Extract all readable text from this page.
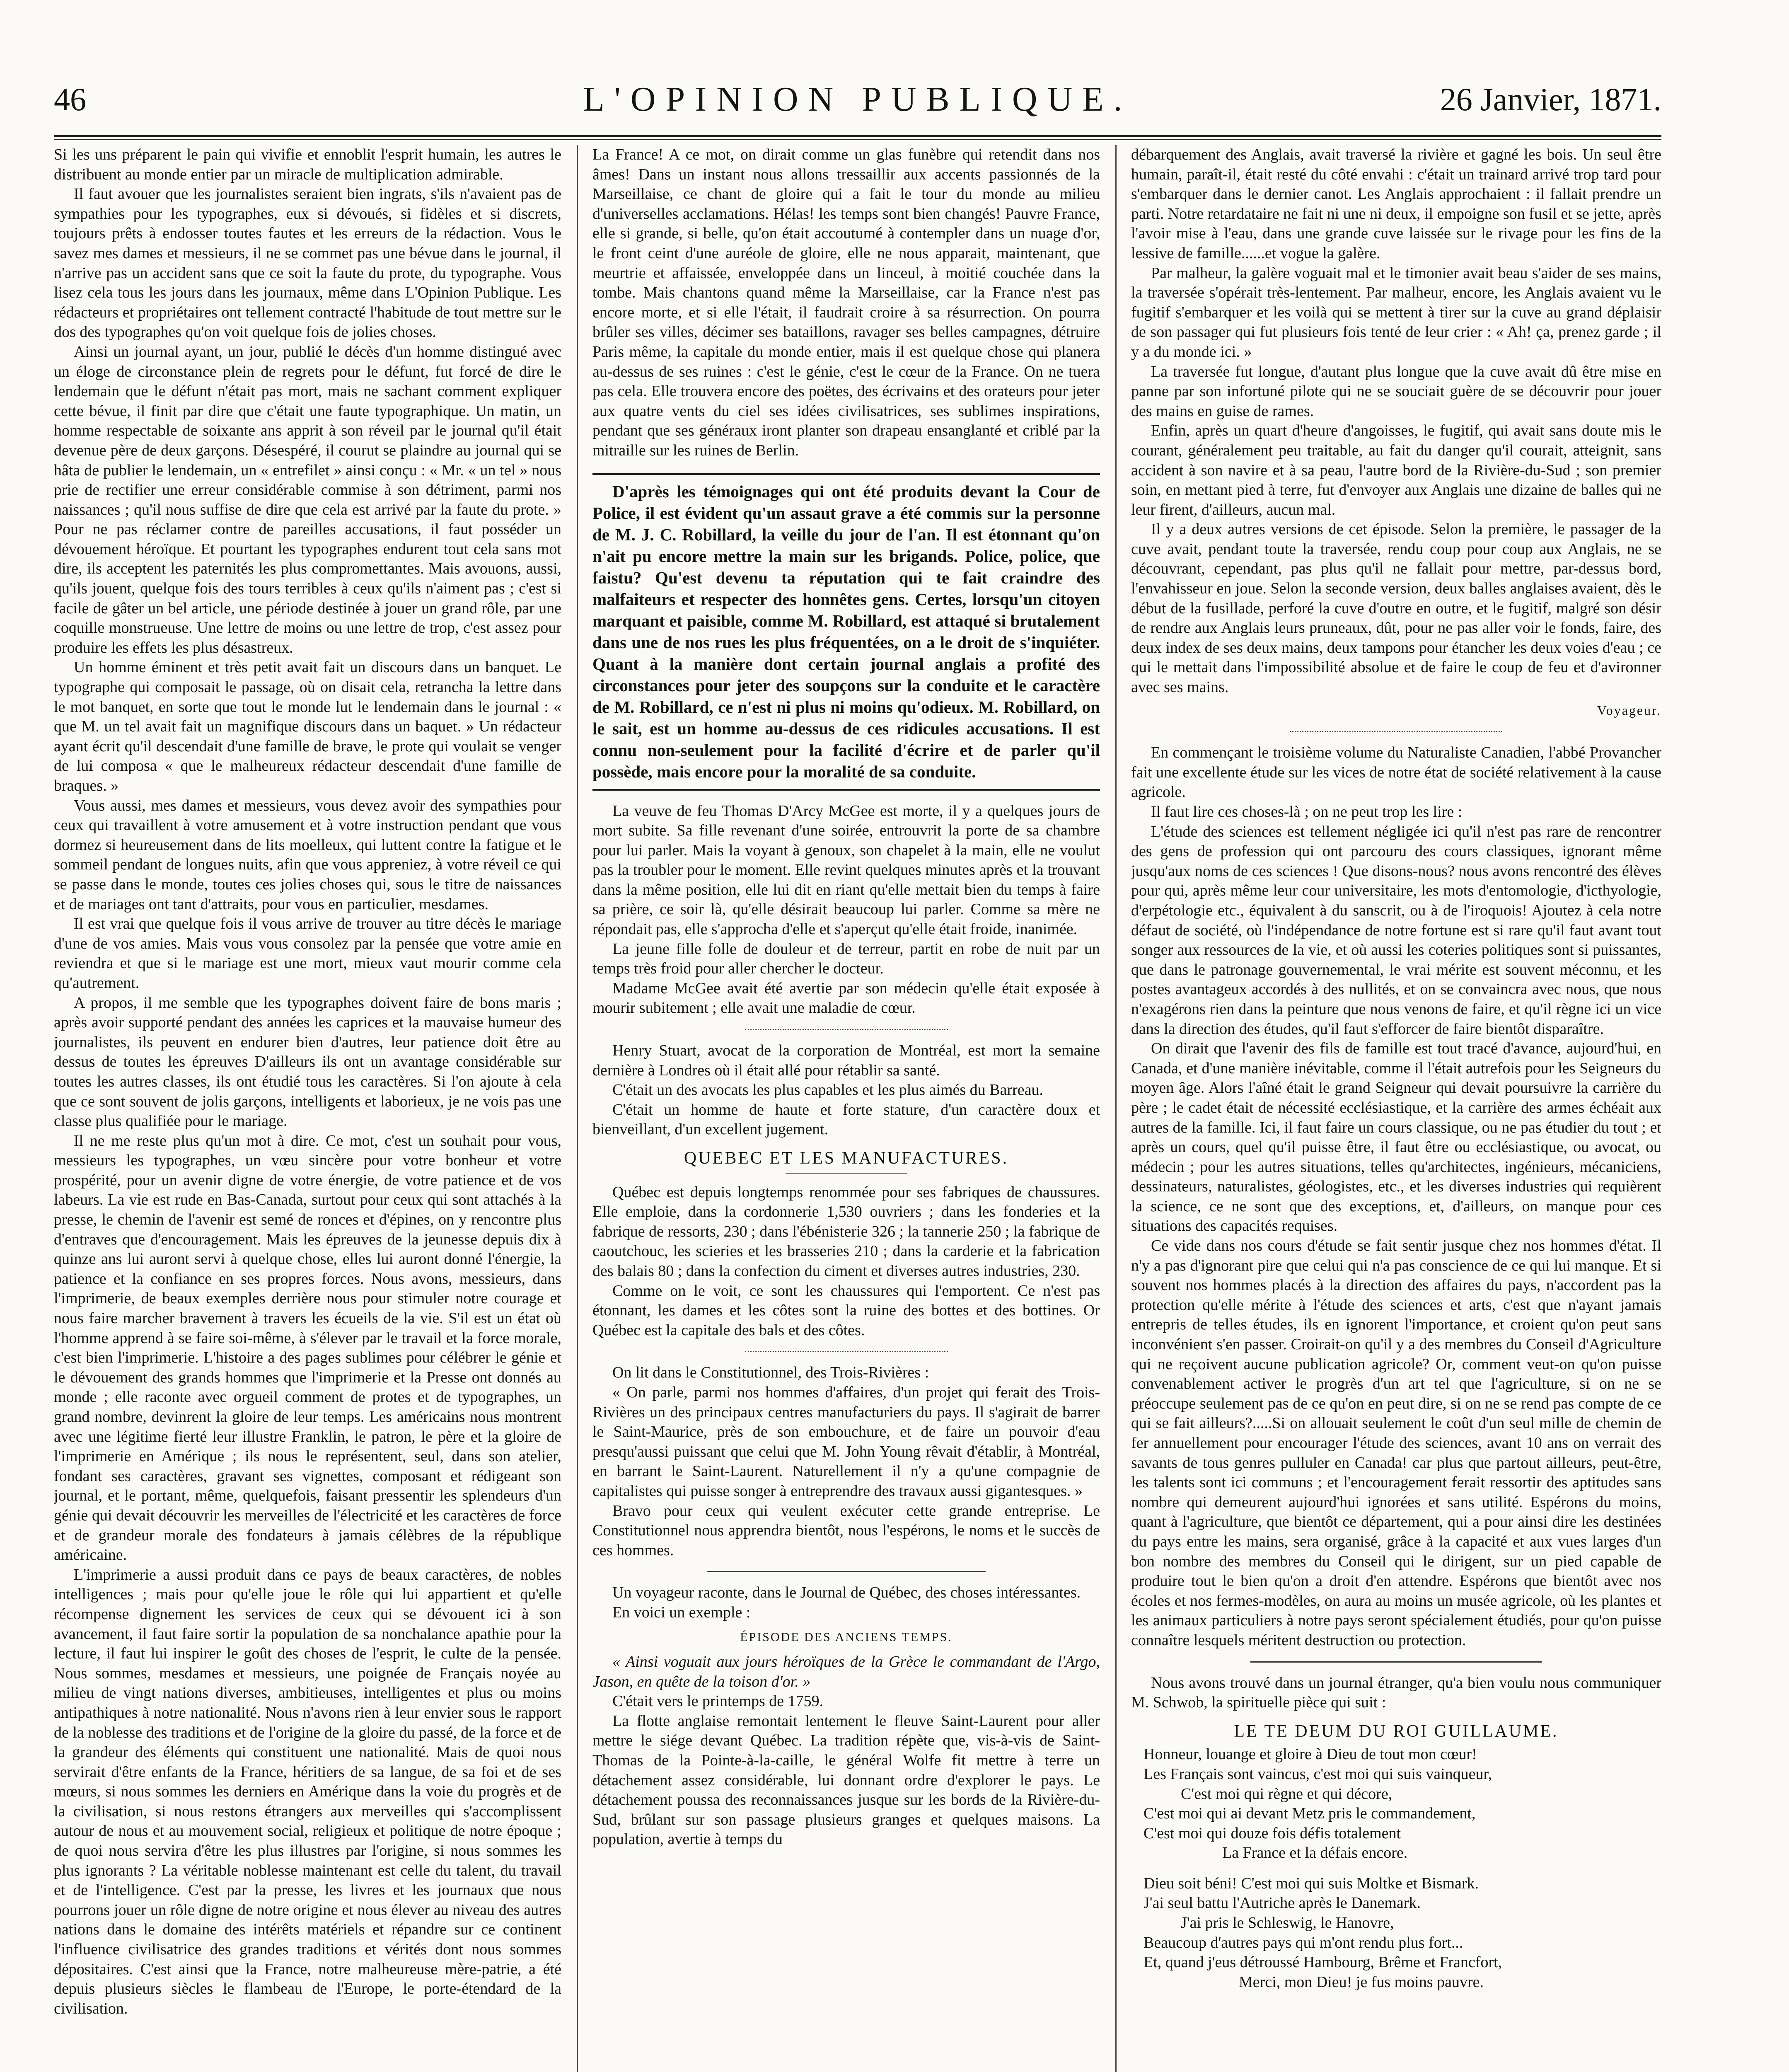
46	L'OPINION PUBLIQUE.	26 Janvier, 1871.

Si les uns préparent le pain qui vivifie et ennoblit l'esprit humain, les autres le distribuent au monde entier par un miracle de multiplication admirable.

Il faut avouer que les journalistes seraient bien ingrats, s'ils n'avaient pas de sympathies pour les typographes, eux si dévoués, si fidèles et si discrets, toujours prêts à endosser toutes fautes et les erreurs de la rédaction. Vous le savez mes dames et messieurs, il ne se commet pas une bévue dans le journal, il n'arrive pas un accident sans que ce soit la faute du prote, du typographe. Vous lisez cela tous les jours dans les journaux, même dans L'Opinion Publique. Les rédacteurs et propriétaires ont tellement contracté l'habitude de tout mettre sur le dos des typographes qu'on voit quelque fois de jolies choses.

Ainsi un journal ayant, un jour, publié le décès d'un homme distingué avec un éloge de circonstance plein de regrets pour le défunt, fut forcé de dire le lendemain que le défunt n'était pas mort, mais ne sachant comment expliquer cette bévue, il finit par dire que c'était une faute typographique. Un matin, un homme respectable de soixante ans apprit à son réveil par le journal qu'il était devenue père de deux garçons. Désespéré, il courut se plaindre au journal qui se hâta de publier le lendemain, un « entrefilet » ainsi conçu : « Mr. « un tel » nous prie de rectifier une erreur considérable commise à son détriment, parmi nos naissances ; qu'il nous suffise de dire que cela est arrivé par la faute du prote. » Pour ne pas réclamer contre de pareilles accusations, il faut posséder un dévouement héroïque. Et pourtant les typographes endurent tout cela sans mot dire, ils acceptent les paternités les plus compromettantes. Mais avouons, aussi, qu'ils jouent, quelque fois des tours terribles à ceux qu'ils n'aiment pas ; c'est si facile de gâter un bel article, une période destinée à jouer un grand rôle, par une coquille monstrueuse. Une lettre de moins ou une lettre de trop, c'est assez pour produire les effets les plus désastreux.

Un homme éminent et très petit avait fait un discours dans un banquet. Le typographe qui composait le passage, où on disait cela, retrancha la lettre dans le mot banquet, en sorte que tout le monde lut le lendemain dans le journal : « que M. un tel avait fait un magnifique discours dans un baquet. » Un rédacteur ayant écrit qu'il descendait d'une famille de brave, le prote qui voulait se venger de lui composa « que le malheureux rédacteur descendait d'une famille de braques. »

Vous aussi, mes dames et messieurs, vous devez avoir des sympathies pour ceux qui travaillent à votre amusement et à votre instruction pendant que vous dormez si heureusement dans de lits moelleux, qui luttent contre la fatigue et le sommeil pendant de longues nuits, afin que vous appreniez, à votre réveil ce qui se passe dans le monde, toutes ces jolies choses qui, sous le titre de naissances et de mariages ont tant d'attraits, pour vous en particulier, mesdames.

Il est vrai que quelque fois il vous arrive de trouver au titre décès le mariage d'une de vos amies. Mais vous vous consolez par la pensée que votre amie en reviendra et que si le mariage est une mort, mieux vaut mourir comme cela qu'autrement.

A propos, il me semble que les typographes doivent faire de bons maris ; après avoir supporté pendant des années les caprices et la mauvaise humeur des journalistes, ils peuvent en endurer bien d'autres, leur patience doit être au dessus de toutes les épreuves D'ailleurs ils ont un avantage considérable sur toutes les autres classes, ils ont étudié tous les caractères. Si l'on ajoute à cela que ce sont souvent de jolis garçons, intelligents et laborieux, je ne vois pas une classe plus qualifiée pour le mariage.

Il ne me reste plus qu'un mot à dire. Ce mot, c'est un souhait pour vous, messieurs les typographes, un vœu sincère pour votre bonheur et votre prospérité, pour un avenir digne de votre énergie, de votre patience et de vos labeurs. La vie est rude en Bas-Canada, surtout pour ceux qui sont attachés à la presse, le chemin de l'avenir est semé de ronces et d'épines, on y rencontre plus d'entraves que d'encouragement. Mais les épreuves de la jeunesse depuis dix à quinze ans lui auront servi à quelque chose, elles lui auront donné l'énergie, la patience et la confiance en ses propres forces. Nous avons, messieurs, dans l'imprimerie, de beaux exemples derrière nous pour stimuler notre courage et nous faire marcher bravement à travers les écueils de la vie. S'il est un état où l'homme apprend à se faire soi-même, à s'élever par le travail et la force morale, c'est bien l'imprimerie. L'histoire a des pages sublimes pour célébrer le génie et le dévouement des grands hommes que l'imprimerie et la Presse ont donnés au monde ; elle raconte avec orgueil comment de protes et de typographes, un grand nombre, devinrent la gloire de leur temps. Les américains nous montrent avec une légitime fierté leur illustre Franklin, le patron, le père et la gloire de l'imprimerie en Amérique ; ils nous le représentent, seul, dans son atelier, fondant ses caractères, gravant ses vignettes, composant et rédigeant son journal, et le portant, même, quelquefois, faisant pressentir les splendeurs d'un génie qui devait découvrir les merveilles de l'électricité et les caractères de force et de grandeur morale des fondateurs à jamais célèbres de la république américaine.

L'imprimerie a aussi produit dans ce pays de beaux caractères, de nobles intelligences ; mais pour qu'elle joue le rôle qui lui appartient et qu'elle récompense dignement les services de ceux qui se dévouent ici à son avancement, il faut faire sortir la population de sa nonchalance apathie pour la lecture, il faut lui inspirer le goût des choses de l'esprit, le culte de la pensée. Nous sommes, mesdames et messieurs, une poignée de Français noyée au milieu de vingt nations diverses, ambitieuses, intelligentes et plus ou moins antipathiques à notre nationalité. Nous n'avons rien à leur envier sous le rapport de la noblesse des traditions et de l'origine de la gloire du passé, de la force et de la grandeur des éléments qui constituent une nationalité. Mais de quoi nous servirait d'être enfants de la France, héritiers de sa langue, de sa foi et de ses mœurs, si nous sommes les derniers en Amérique dans la voie du progrès et de la civilisation, si nous restons étrangers aux merveilles qui s'accomplissent autour de nous et au mouvement social, religieux et politique de notre époque ; de quoi nous servira d'être les plus illustres par l'origine, si nous sommes les plus ignorants ? La véritable noblesse maintenant est celle du talent, du travail et de l'intelligence. C'est par la presse, les livres et les journaux que nous pourrons jouer un rôle digne de notre origine et nous élever au niveau des autres nations dans le domaine des intérêts matériels et répandre sur ce continent l'influence civilisatrice des grandes traditions et vérités dont nous sommes dépositaires. C'est ainsi que la France, notre malheureuse mère-patrie, a été depuis plusieurs siècles le flambeau de l'Europe, le porte-étendard de la civilisation.

La France! A ce mot, on dirait comme un glas funèbre qui retendit dans nos âmes! Dans un instant nous allons tressaillir aux accents passionnés de la Marseillaise, ce chant de gloire qui a fait le tour du monde au milieu d'universelles acclamations. Hélas! les temps sont bien changés! Pauvre France, elle si grande, si belle, qu'on était accoutumé à contempler dans un nuage d'or, le front ceint d'une auréole de gloire, elle ne nous apparait, maintenant, que meurtrie et affaissée, enveloppée dans un linceul, à moitié couchée dans la tombe. Mais chantons quand même la Marseillaise, car la France n'est pas encore morte, et si elle l'était, il faudrait croire à sa résurrection. On pourra brûler ses villes, décimer ses bataillons, ravager ses belles campagnes, détruire Paris même, la capitale du monde entier, mais il est quelque chose qui planera au-dessus de ses ruines : c'est le génie, c'est le cœur de la France. On ne tuera pas cela. Elle trouvera encore des poëtes, des écrivains et des orateurs pour jeter aux quatre vents du ciel ses idées civilisatrices, ses sublimes inspirations, pendant que ses généraux iront planter son drapeau ensanglanté et criblé par la mitraille sur les ruines de Berlin.

D'après les témoignages qui ont été produits devant la Cour de Police, il est évident qu'un assaut grave a été commis sur la personne de M. J. C. Robillard, la veille du jour de l'an. Il est étonnant qu'on n'ait pu encore mettre la main sur les brigands. Police, police, que faistu? Qu'est devenu ta réputation qui te fait craindre des malfaiteurs et respecter des honnêtes gens. Certes, lorsqu'un citoyen marquant et paisible, comme M. Robillard, est attaqué si brutalement dans une de nos rues les plus fréquentées, on a le droit de s'inquiéter. Quant à la manière dont certain journal anglais a profité des circonstances pour jeter des soupçons sur la conduite et le caractère de M. Robillard, ce n'est ni plus ni moins qu'odieux. M. Robillard, on le sait, est un homme au-dessus de ces ridicules accusations. Il est connu non-seulement pour la facilité d'écrire et de parler qu'il possède, mais encore pour la moralité de sa conduite.

La veuve de feu Thomas D'Arcy McGee est morte, il y a quelques jours de mort subite. Sa fille revenant d'une soirée, entrouvrit la porte de sa chambre pour lui parler. Mais la voyant à genoux, son chapelet à la main, elle ne voulut pas la troubler pour le moment. Elle revint quelques minutes après et la trouvant dans la même position, elle lui dit en riant qu'elle mettait bien du temps à faire sa prière, ce soir là, qu'elle désirait beaucoup lui parler. Comme sa mère ne répondait pas, elle s'approcha d'elle et s'aperçut qu'elle était froide, inanimée.

La jeune fille folle de douleur et de terreur, partit en robe de nuit par un temps très froid pour aller chercher le docteur.

Madame McGee avait été avertie par son médecin qu'elle était exposée à mourir subitement ; elle avait une maladie de cœur.

Henry Stuart, avocat de la corporation de Montréal, est mort la semaine dernière à Londres où il était allé pour rétablir sa santé.

C'était un des avocats les plus capables et les plus aimés du Barreau.

C'était un homme de haute et forte stature, d'un caractère doux et bienveillant, d'un excellent jugement.

QUEBEC ET LES MANUFACTURES.

Québec est depuis longtemps renommée pour ses fabriques de chaussures. Elle emploie, dans la cordonnerie 1,530 ouvriers ; dans les fonderies et la fabrique de ressorts, 230 ; dans l'ébénisterie 326 ; la tannerie 250 ; la fabrique de caoutchouc, les scieries et les brasseries 210 ; dans la carderie et la fabrication des balais 80 ; dans la confection du ciment et diverses autres industries, 230.

Comme on le voit, ce sont les chaussures qui l'emportent. Ce n'est pas étonnant, les dames et les côtes sont la ruine des bottes et des bottines. Or Québec est la capitale des bals et des côtes.

On lit dans le Constitutionnel, des Trois-Rivières :

« On parle, parmi nos hommes d'affaires, d'un projet qui ferait des Trois-Rivières un des principaux centres manufacturiers du pays. Il s'agirait de barrer le Saint-Maurice, près de son embouchure, et de faire un pouvoir d'eau presqu'aussi puissant que celui que M. John Young rêvait d'établir, à Montréal, en barrant le Saint-Laurent. Naturellement il n'y a qu'une compagnie de capitalistes qui puisse songer à entreprendre des travaux aussi gigantesques. »

Bravo pour ceux qui veulent exécuter cette grande entreprise. Le Constitutionnel nous apprendra bientôt, nous l'espérons, le noms et le succès de ces hommes.

Un voyageur raconte, dans le Journal de Québec, des choses intéressantes.

En voici un exemple :

ÉPISODE DES ANCIENS TEMPS.

« Ainsi voguait aux jours héroïques de la Grèce le commandant de l'Argo, Jason, en quête de la toison d'or. »

C'était vers le printemps de 1759.

La flotte anglaise remontait lentement le fleuve Saint-Laurent pour aller mettre le siége devant Québec. La tradition répète que, vis-à-vis de Saint-Thomas de la Pointe-à-la-caille, le général Wolfe fit mettre à terre un détachement assez considérable, lui donnant ordre d'explorer le pays. Le détachement poussa des reconnaissances jusque sur les bords de la Rivière-du-Sud, brûlant sur son passage plusieurs granges et quelques maisons. La population, avertie à temps du

débarquement des Anglais, avait traversé la rivière et gagné les bois. Un seul être humain, paraît-il, était resté du côté envahi : c'était un trainard arrivé trop tard pour s'embarquer dans le dernier canot. Les Anglais approchaient : il fallait prendre un parti. Notre retardataire ne fait ni une ni deux, il empoigne son fusil et se jette, après l'avoir mise à l'eau, dans une grande cuve laissée sur le rivage pour les fins de la lessive de famille......et vogue la galère.

Par malheur, la galère voguait mal et le timonier avait beau s'aider de ses mains, la traversée s'opérait très-lentement. Par malheur, encore, les Anglais avaient vu le fugitif s'embarquer et les voilà qui se mettent à tirer sur la cuve au grand déplaisir de son passager qui fut plusieurs fois tenté de leur crier : « Ah! ça, prenez garde ; il y a du monde ici. »

La traversée fut longue, d'autant plus longue que la cuve avait dû être mise en panne par son infortuné pilote qui ne se souciait guère de se découvrir pour jouer des mains en guise de rames.

Enfin, après un quart d'heure d'angoisses, le fugitif, qui avait sans doute mis le courant, généralement peu traitable, au fait du danger qu'il courait, atteignit, sans accident à son navire et à sa peau, l'autre bord de la Rivière-du-Sud ; son premier soin, en mettant pied à terre, fut d'envoyer aux Anglais une dizaine de balles qui ne leur firent, d'ailleurs, aucun mal.

Il y a deux autres versions de cet épisode. Selon la première, le passager de la cuve avait, pendant toute la traversée, rendu coup pour coup aux Anglais, ne se découvrant, cependant, pas plus qu'il ne fallait pour mettre, par-dessus bord, l'envahisseur en joue. Selon la seconde version, deux balles anglaises avaient, dès le début de la fusillade, perforé la cuve d'outre en outre, et le fugitif, malgré son désir de rendre aux Anglais leurs pruneaux, dût, pour ne pas aller voir le fonds, faire, des deux index de ses deux mains, deux tampons pour étancher les deux voies d'eau ; ce qui le mettait dans l'impossibilité absolue et de faire le coup de feu et d'avironner avec ses mains.

Voyageur.

En commençant le troisième volume du Naturaliste Canadien, l'abbé Provancher fait une excellente étude sur les vices de notre état de société relativement à la cause agricole.

Il faut lire ces choses-là ; on ne peut trop les lire :

L'étude des sciences est tellement négligée ici qu'il n'est pas rare de rencontrer des gens de profession qui ont parcouru des cours classiques, ignorant même jusqu'aux noms de ces sciences ! Que disons-nous? nous avons rencontré des élèves pour qui, après même leur cour universitaire, les mots d'entomologie, d'icthyologie, d'erpétologie etc., équivalent à du sanscrit, ou à de l'iroquois! Ajoutez à cela notre défaut de société, où l'indépendance de notre fortune est si rare qu'il faut avant tout songer aux ressources de la vie, et où aussi les coteries politiques sont si puissantes, que dans le patronage gouvernemental, le vrai mérite est souvent méconnu, et les postes avantageux accordés à des nullités, et on se convaincra avec nous, que nous n'exagérons rien dans la peinture que nous venons de faire, et qu'il règne ici un vice dans la direction des études, qu'il faut s'efforcer de faire bientôt disparaître.

On dirait que l'avenir des fils de famille est tout tracé d'avance, aujourd'hui, en Canada, et d'une manière inévitable, comme il l'était autrefois pour les Seigneurs du moyen âge. Alors l'aîné était le grand Seigneur qui devait poursuivre la carrière du père ; le cadet était de nécessité ecclésiastique, et la carrière des armes échéait aux autres de la famille. Ici, il faut faire un cours classique, ou ne pas étudier du tout ; et après un cours, quel qu'il puisse être, il faut être ou ecclésiastique, ou avocat, ou médecin ; pour les autres situations, telles qu'architectes, ingénieurs, mécaniciens, dessinateurs, naturalistes, géologistes, etc., et les diverses industries qui requièrent la science, ce ne sont que des exceptions, et, d'ailleurs, on manque pour ces situations des capacités requises.

Ce vide dans nos cours d'étude se fait sentir jusque chez nos hommes d'état. Il n'y a pas d'ignorant pire que celui qui n'a pas conscience de ce qui lui manque. Et si souvent nos hommes placés à la direction des affaires du pays, n'accordent pas la protection qu'elle mérite à l'étude des sciences et arts, c'est que n'ayant jamais entrepris de telles études, ils en ignorent l'importance, et croient qu'on peut sans inconvénient s'en passer. Croirait-on qu'il y a des membres du Conseil d'Agriculture qui ne reçoivent aucune publication agricole? Or, comment veut-on qu'on puisse convenablement activer le progrès d'un art tel que l'agriculture, si on ne se préoccupe seulement pas de ce qu'on en peut dire, si on ne se rend pas compte de ce qui se fait ailleurs?.....Si on allouait seulement le coût d'un seul mille de chemin de fer annuellement pour encourager l'étude des sciences, avant 10 ans on verrait des savants de tous genres pulluler en Canada! car plus que partout ailleurs, peut-être, les talents sont ici communs ; et l'encouragement ferait ressortir des aptitudes sans nombre qui demeurent aujourd'hui ignorées et sans utilité. Espérons du moins, quant à l'agriculture, que bientôt ce département, qui a pour ainsi dire les destinées du pays entre les mains, sera organisé, grâce à la capacité et aux vues larges d'un bon nombre des membres du Conseil qui le dirigent, sur un pied capable de produire tout le bien qu'on a droit d'en attendre. Espérons que bientôt avec nos écoles et nos fermes-modèles, on aura au moins un musée agricole, où les plantes et les animaux particuliers à notre pays seront spécialement étudiés, pour qu'on puisse connaître lesquels méritent destruction ou protection.

Nous avons trouvé dans un journal étranger, qu'a bien voulu nous communiquer M. Schwob, la spirituelle pièce qui suit :

LE TE DEUM DU ROI GUILLAUME.

Honneur, louange et gloire à Dieu de tout mon cœur!

Les Français sont vaincus, c'est moi qui suis vainqueur,

C'est moi qui règne et qui décore,

C'est moi qui ai devant Metz pris le commandement,

C'est moi qui douze fois défis totalement

La France et la défais encore.

Dieu soit béni! C'est moi qui suis Moltke et Bismark.

J'ai seul battu l'Autriche après le Danemark.

J'ai pris le Schleswig, le Hanovre,

Beaucoup d'autres pays qui m'ont rendu plus fort...

Et, quand j'eus détroussé Hambourg, Brême et Francfort,

Merci, mon Dieu! je fus moins pauvre.
